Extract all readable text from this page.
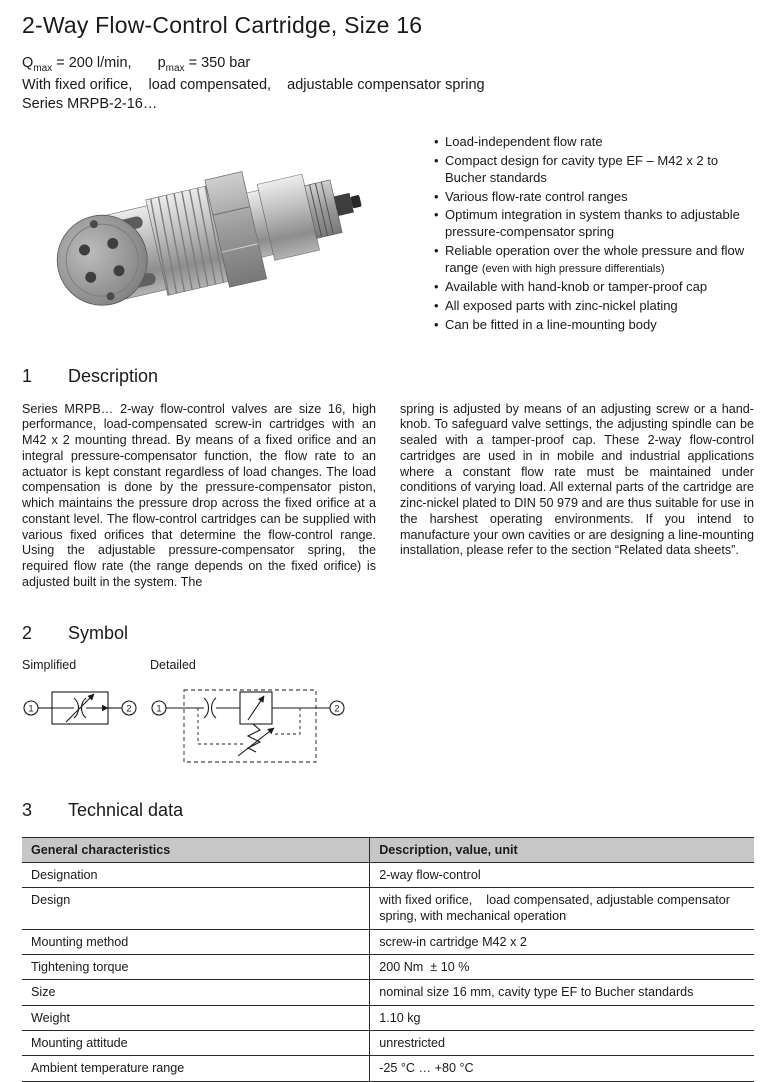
2-Way Flow-Control Cartridge, Size 16
$Q_{max} = 200$ l/min, $p_{max} = 350$ bar
With fixed orifice,    load compensated,    adjustable compensator spring
Series MRPB-2-16…
• Load-independent flow rate
• Compact design for cavity type EF – M42 x 2 to Bucher standards
• Various flow-rate control ranges
• Optimum integration in system thanks to adjustable pressure-compensator spring
• Reliable operation over the whole pressure and flow range (even with high pressure differentials)
• Available with hand-knob or tamper-proof cap
• All exposed parts with zinc-nickel plating
• Can be fitted in a line-mounting body
1	Description
Series MRPB… 2-way flow-control valves are size 16, high performance, load-compensated screw-in cartridges with an M42 x 2 mounting thread. By means of a fixed orifice and an integral pressure-compensator function, the flow rate to an actuator is kept constant regardless of load changes. The load compensation is done by the pressure-compensator piston, which maintains the pressure drop across the fixed orifice at a constant level. The flow-control cartridges can be supplied with various fixed orifices that determine the flow-control range. Using the adjustable pressure-compensator spring, the required flow rate (the range depends on the fixed orifice) is adjusted built in the system. The
spring is adjusted by means of an adjusting screw or a hand-knob. To safeguard valve settings, the adjusting spindle can be sealed with a tamper-proof cap. These 2-way flow-control cartridges are used in in mobile and industrial applications where a constant flow rate must be maintained under conditions of varying load. All external parts of the cartridge are zinc-nickel plated to DIN 50 979 and are thus suitable for use in the harshest operating environments. If you intend to manufacture your own cavities or are designing a line-mounting installation, please refer to the section “Related data sheets”.
2	Symbol
Simplified
1	2
Detailed
1	2
3	Technical data
General characteristics	Description, value, unit
Designation	2-way flow-control
Design	with fixed orifice,    load compensated, adjustable compensator spring, with mechanical operation
Mounting method	screw-in cartridge M42 x 2
Tightening torque	200 Nm  ± 10 %
Size	nominal size 16 mm, cavity type EF to Bucher standards
Weight	1.10 kg
Mounting attitude	unrestricted
Ambient temperature range	-25 °C … +80 °C
